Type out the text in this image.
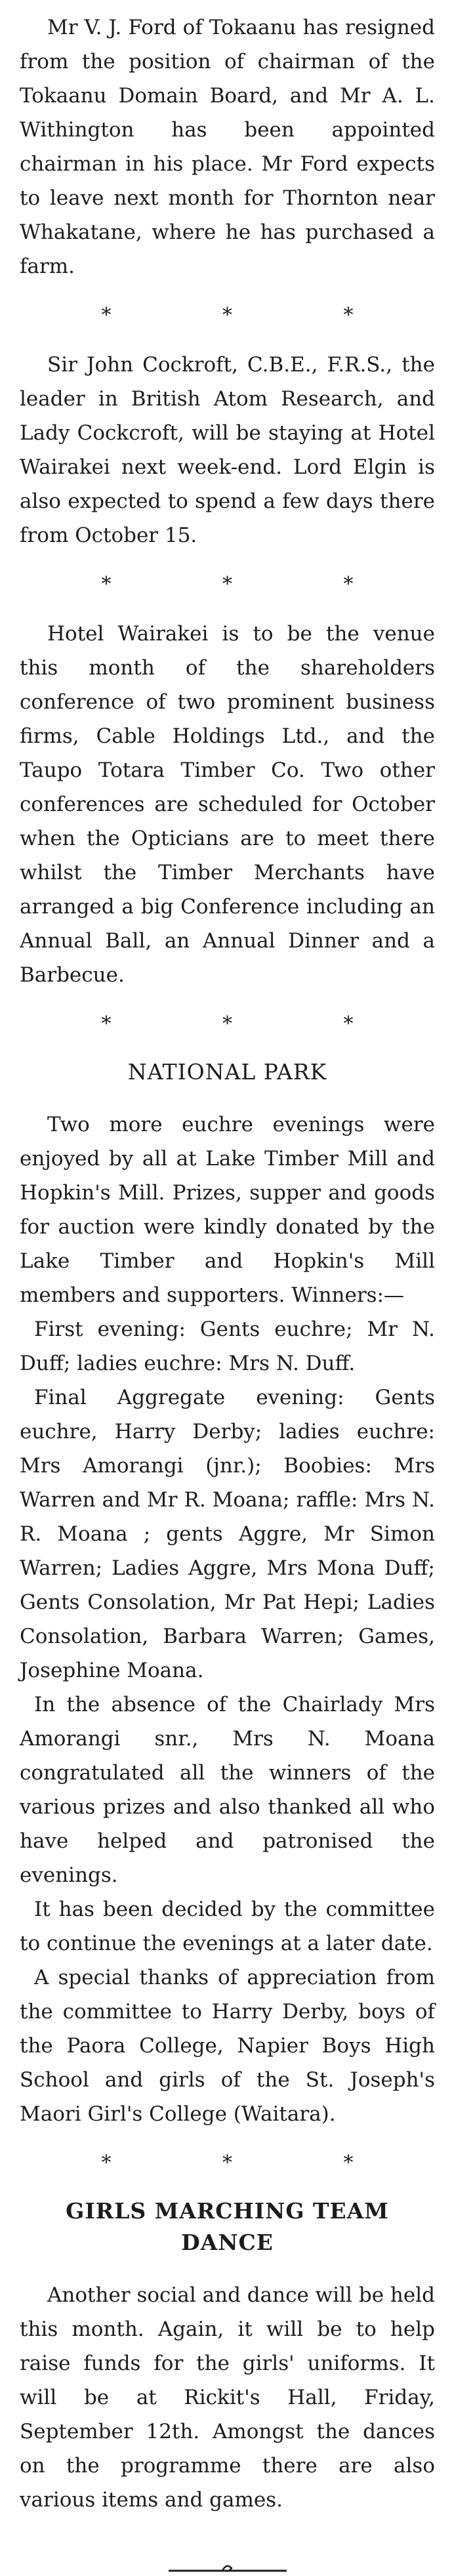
Mr V. J. Ford of Tokaanu has resigned from the position of chairman of the Tokaanu Domain Board, and Mr A. L. Withington has been appointed chairman in his place. Mr Ford expects to leave next month for Thornton near Whakatane, where he has purchased a farm.

* * *

Sir John Cockroft, C.B.E., F.R.S., the leader in British Atom Research, and Lady Cockcroft, will be staying at Hotel Wairakei next week-end. Lord Elgin is also expected to spend a few days there from October 15.

* * *

Hotel Wairakei is to be the venue this month of the shareholders conference of two prominent business firms, Cable Holdings Ltd., and the Taupo Totara Timber Co. Two other conferences are scheduled for October when the Opticians are to meet there whilst the Timber Merchants have arranged a big Conference including an Annual Ball, an Annual Dinner and a Barbecue.

* * *
NATIONAL PARK

Two more euchre evenings were enjoyed by all at Lake Timber Mill and Hopkin's Mill. Prizes, supper and goods for auction were kindly donated by the Lake Timber and Hopkin's Mill members and supporters. Winners:—

First evening: Gents euchre; Mr N. Duff; ladies euchre: Mrs N. Duff.

Final Aggregate evening: Gents euchre, Harry Derby; ladies euchre: Mrs Amorangi (jnr.); Boobies: Mrs Warren and Mr R. Moana; raffle: Mrs N. R. Moana ; gents Aggre, Mr Simon Warren; Ladies Aggre, Mrs Mona Duff; Gents Consolation, Mr Pat Hepi; Ladies Consolation, Barbara Warren; Games, Josephine Moana.

In the absence of the Chairlady Mrs Amorangi snr., Mrs N. Moana congratulated all the winners of the various prizes and also thanked all who have helped and patronised the evenings.

It has been decided by the committee to continue the evenings at a later date.

A special thanks of appreciation from the committee to Harry Derby, boys of the Paora College, Napier Boys High School and girls of the St. Joseph's Maori Girl's College (Waitara).

* * *
GIRLS MARCHING TEAM
DANCE

Another social and dance will be held this month. Again, it will be to help raise funds for the girls' uniforms. It will be at Rickit's Hall, Friday, September 12th. Amongst the dances on the programme there are also various items and games.
